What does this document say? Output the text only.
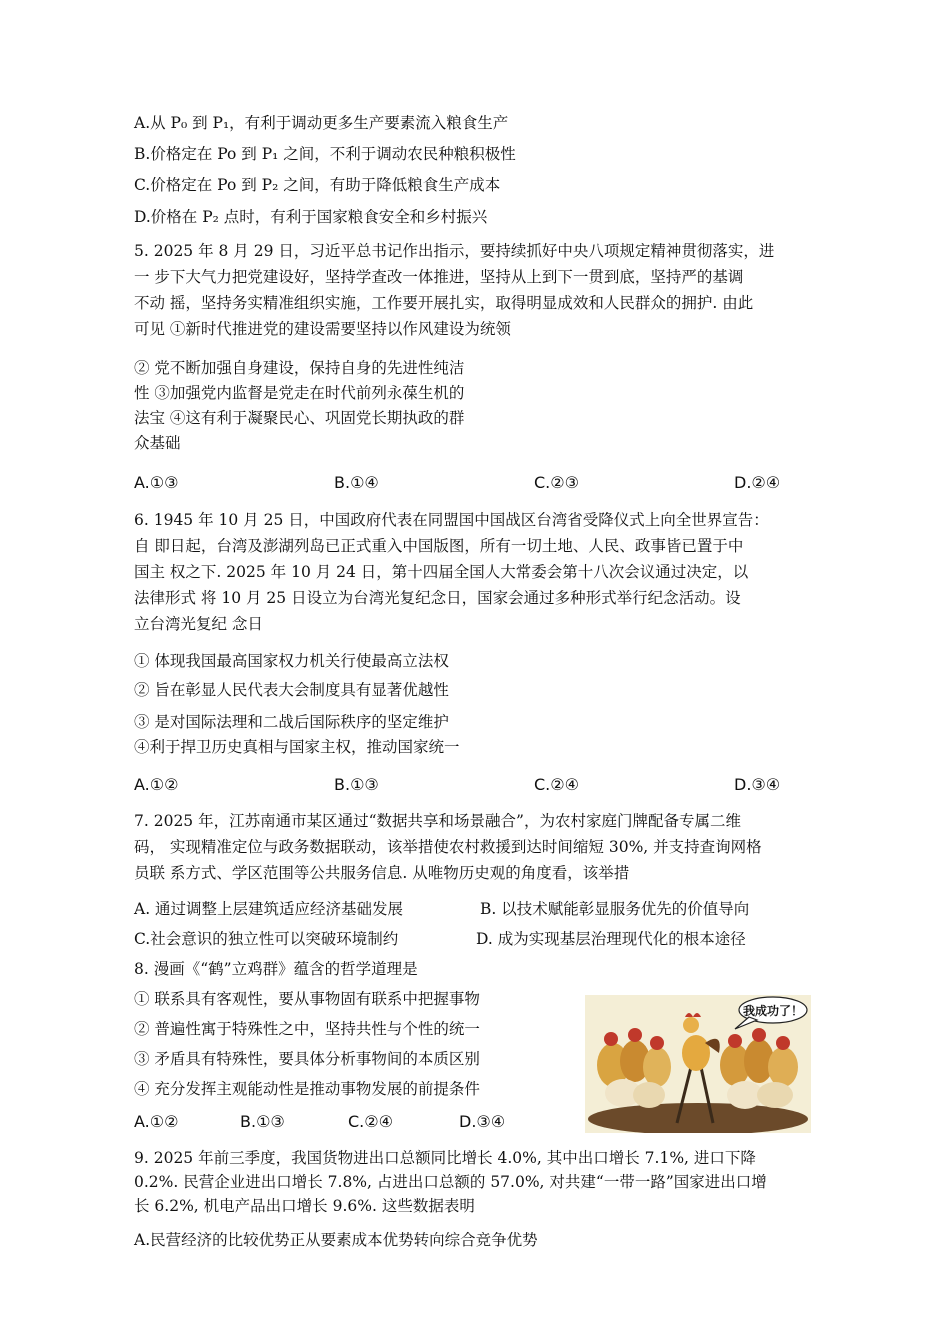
A.从 P₀ 到 P₁，有利于调动更多生产要素流入粮食生产
B.价格定在 Po 到 P₁ 之间，不利于调动农民种粮积极性
C.价格定在 Po 到 P₂ 之间，有助于降低粮食生产成本
D.价格在 P₂ 点时，有利于国家粮食安全和乡村振兴
5. 2025 年 8 月 29 日，习近平总书记作出指示，要持续抓好中央八项规定精神贯彻落实，进
一 步下大气力把党建设好，坚持学查改一体推进，坚持从上到下一贯到底，坚持严的基调
不动 摇，坚持务实精准组织实施，工作要开展扎实，取得明显成效和人民群众的拥护. 由此
可见 ①新时代推进党的建设需要坚持以作风建设为统领
② 党不断加强自身建设，保持自身的先进性纯洁
性 ③加强党内监督是党走在时代前列永葆生机的
法宝 ④这有利于凝聚民心、巩固党长期执政的群
众基础
A.①③	B.①④	C.②③	D.②④
6. 1945 年 10 月 25 日，中国政府代表在同盟国中国战区台湾省受降仪式上向全世界宣告：
自 即日起，台湾及澎湖列岛已正式重入中国版图，所有一切土地、人民、政事皆已置于中
国主 权之下. 2025 年 10 月 24 日，第十四届全国人大常委会第十八次会议通过决定，以
法律形式 将 10 月 25 日设立为台湾光复纪念日，国家会通过多种形式举行纪念活动。设
立台湾光复纪 念日
① 体现我国最高国家权力机关行使最高立法权
② 旨在彰显人民代表大会制度具有显著优越性
③ 是对国际法理和二战后国际秩序的坚定维护
④利于捍卫历史真相与国家主权，推动国家统一
A.①②	B.①③	C.②④	D.③④
7. 2025 年，江苏南通市某区通过“数据共享和场景融合”，为农村家庭门牌配备专属二维
码， 实现精准定位与政务数据联动，该举措使农村救援到达时间缩短 30%, 并支持查询网格
员联 系方式、学区范围等公共服务信息. 从唯物历史观的角度看，该举措
A. 通过调整上层建筑适应经济基础发展	B. 以技术赋能彰显服务优先的价值导向
C.社会意识的独立性可以突破环境制约	D. 成为实现基层治理现代化的根本途径
8. 漫画《“鹤”立鸡群》蕴含的哲学道理是
① 联系具有客观性，要从事物固有联系中把握事物
② 普遍性寓于特殊性之中，坚持共性与个性的统一
③ 矛盾具有特殊性，要具体分析事物间的本质区别
④ 充分发挥主观能动性是推动事物发展的前提条件
A.①②	B.①③	C.②④	D.③④
我成功了！
9. 2025 年前三季度，我国货物进出口总额同比增长 4.0%, 其中出口增长 7.1%, 进口下降
0.2%. 民营企业进出口增长 7.8%, 占进出口总额的 57.0%, 对共建“一带一路”国家进出口增
长 6.2%, 机电产品出口增长 9.6%. 这些数据表明
A.民营经济的比较优势正从要素成本优势转向综合竞争优势
